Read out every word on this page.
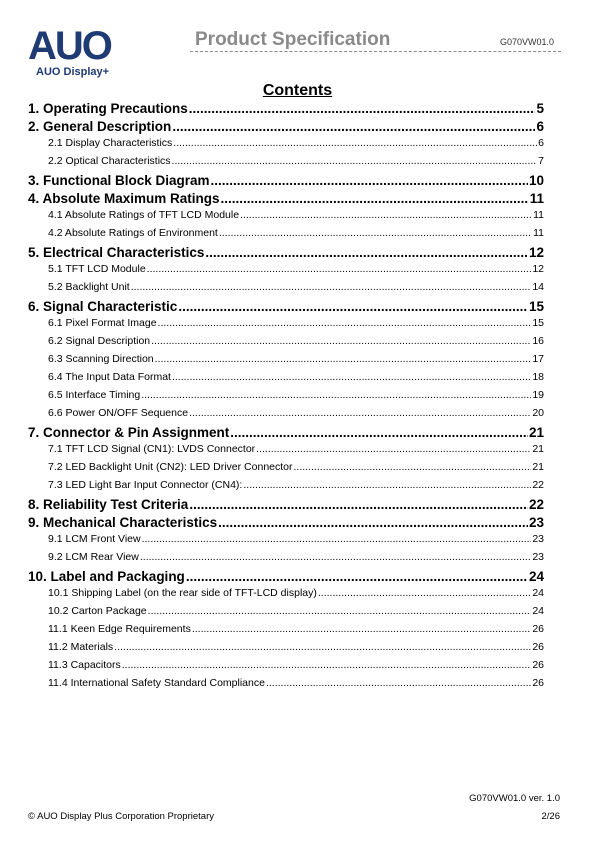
AUO
AUO Display+
Product Specification	G070VW01.0
Contents
1. Operating Precautions .....	5
2. General Description .....	6
2.1 Display Characteristics .....	6
2.2 Optical Characteristics .....	7
3. Functional Block Diagram .....	10
4. Absolute Maximum Ratings .....	11
4.1 Absolute Ratings of TFT LCD Module .....	11
4.2 Absolute Ratings of Environment .....	11
5. Electrical Characteristics .....	12
5.1 TFT LCD Module .....	12
5.2 Backlight Unit .....	14
6. Signal Characteristic .....	15
6.1 Pixel Format Image .....	15
6.2 Signal Description .....	16
6.3 Scanning Direction .....	17
6.4 The Input Data Format .....	18
6.5 Interface Timing .....	19
6.6 Power ON/OFF Sequence .....	20
7. Connector & Pin Assignment .....	21
7.1 TFT LCD Signal (CN1): LVDS Connector .....	21
7.2 LED Backlight Unit (CN2): LED Driver Connector .....	21
7.3 LED Light Bar Input Connector (CN4): .....	22
8. Reliability Test Criteria .....	22
9. Mechanical Characteristics .....	23
9.1 LCM Front View .....	23
9.2 LCM Rear View .....	23
10. Label and Packaging .....	24
10.1 Shipping Label (on the rear side of TFT-LCD display) .....	24
10.2 Carton Package .....	24
11.1 Keen Edge Requirements .....	26
11.2 Materials .....	26
11.3 Capacitors .....	26
11.4 International Safety Standard Compliance .....	26
G070VW01.0 ver. 1.0
© AUO Display Plus Corporation Proprietary	2/26
